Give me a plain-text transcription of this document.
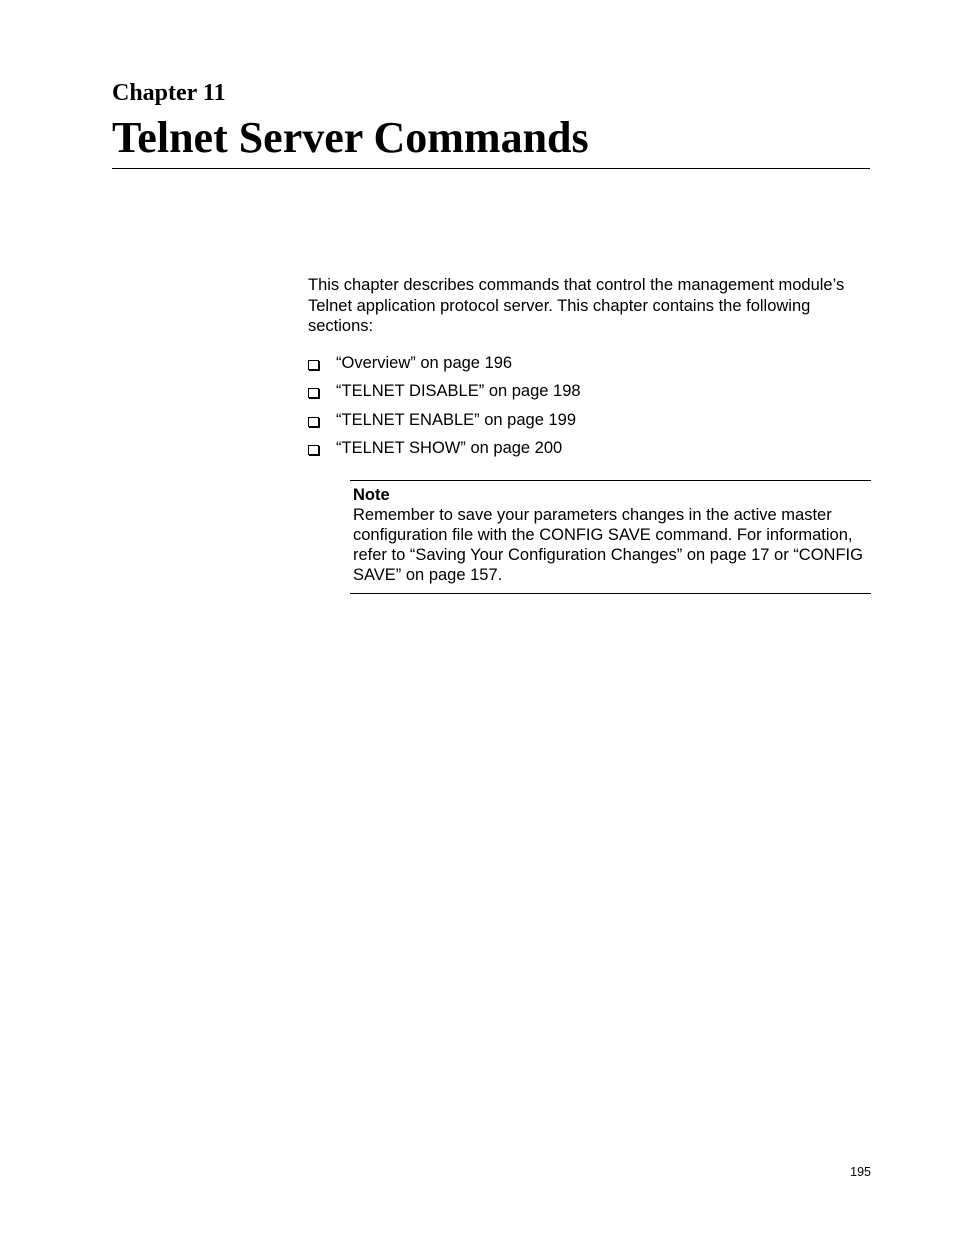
Chapter 11
Telnet Server Commands

This chapter describes commands that control the management module’s Telnet application protocol server. This chapter contains the following sections:

“Overview” on page 196
“TELNET DISABLE” on page 198
“TELNET ENABLE” on page 199
“TELNET SHOW” on page 200
Note

Remember to save your parameters changes in the active master configuration file with the CONFIG SAVE command. For information, refer to “Saving Your Configuration Changes” on page 17 or “CONFIG SAVE” on page 157.

195
